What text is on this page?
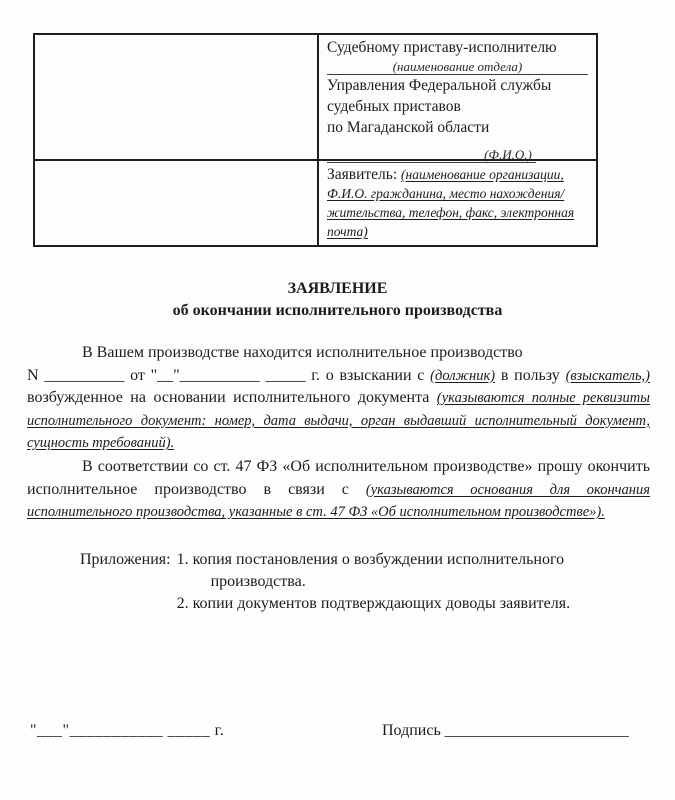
Судебному приставу-исполнителю
(наименование отдела)
Управления Федеральной службы
судебных приставов
по Магаданской области
(Ф.И.О.)
Заявитель: (наименование организации, Ф.И.О. гражданина, место нахождения/жительства, телефон, факс, электронная почта)
ЗАЯВЛЕНИЕ
об окончании исполнительного производства
В Вашем производстве находится исполнительное производство
N __________ от "__"__________ _____ г. о взыскании с (должник) в пользу (взыскатель,) возбужденное на основании исполнительного документа (указываются полные реквизиты исполнительного документ: номер, дата выдачи, орган выдавший исполнительный документ, сущность требований).
В соответствии со ст. 47 ФЗ «Об исполнительном производстве» прошу окончить исполнительное производство в связи с (указываются основания для окончания исполнительного производства, указанные в ст. 47 ФЗ «Об исполнительном производстве»).
Приложения: 1. копия постановления о возбуждении исполнительного производства.
2. копии документов подтверждающих доводы заявителя.
"___"___________ _____ г.	Подпись _______________________
